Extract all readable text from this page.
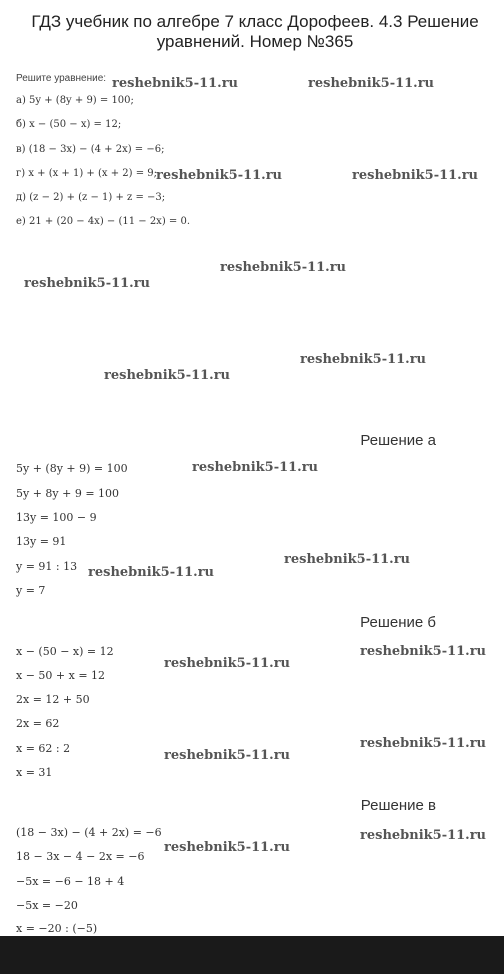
ГДЗ учебник по алгебре 7 класс Дорофеев. 4.3 Решение уравнений. Номер №365
Решите уравнение:
а) 5y + (8y + 9) = 100;
б) x − (50 − x) = 12;
в) (18 − 3x) − (4 + 2x) = −6;
г) x + (x + 1) + (x + 2) = 9;
д) (z − 2) + (z − 1) + z = −3;
е) 21 + (20 − 4x) − (11 − 2x) = 0.
reshebnik5-11.ru	reshebnik5-11.ru
reshebnik5-11.ru	reshebnik5-11.ru
reshebnik5-11.ru
reshebnik5-11.ru
reshebnik5-11.ru
reshebnik5-11.ru
reshebnik5-11.ru
reshebnik5-11.ru
reshebnik5-11.ru
reshebnik5-11.ru
reshebnik5-11.ru
reshebnik5-11.ru
reshebnik5-11.ru
reshebnik5-11.ru
reshebnik5-11.ru
Решение а
5y + (8y + 9) = 100
5y + 8y + 9 = 100
13y = 100 − 9
13y = 91
y = 91 : 13
y = 7
Решение б
x − (50 − x) = 12
x − 50 + x = 12
2x = 12 + 50
2x = 62
x = 62 : 2
x = 31
Решение в
(18 − 3x) − (4 + 2x) = −6
18 − 3x − 4 − 2x = −6
−5x = −6 − 18 + 4
−5x = −20
x = −20 : (−5)
